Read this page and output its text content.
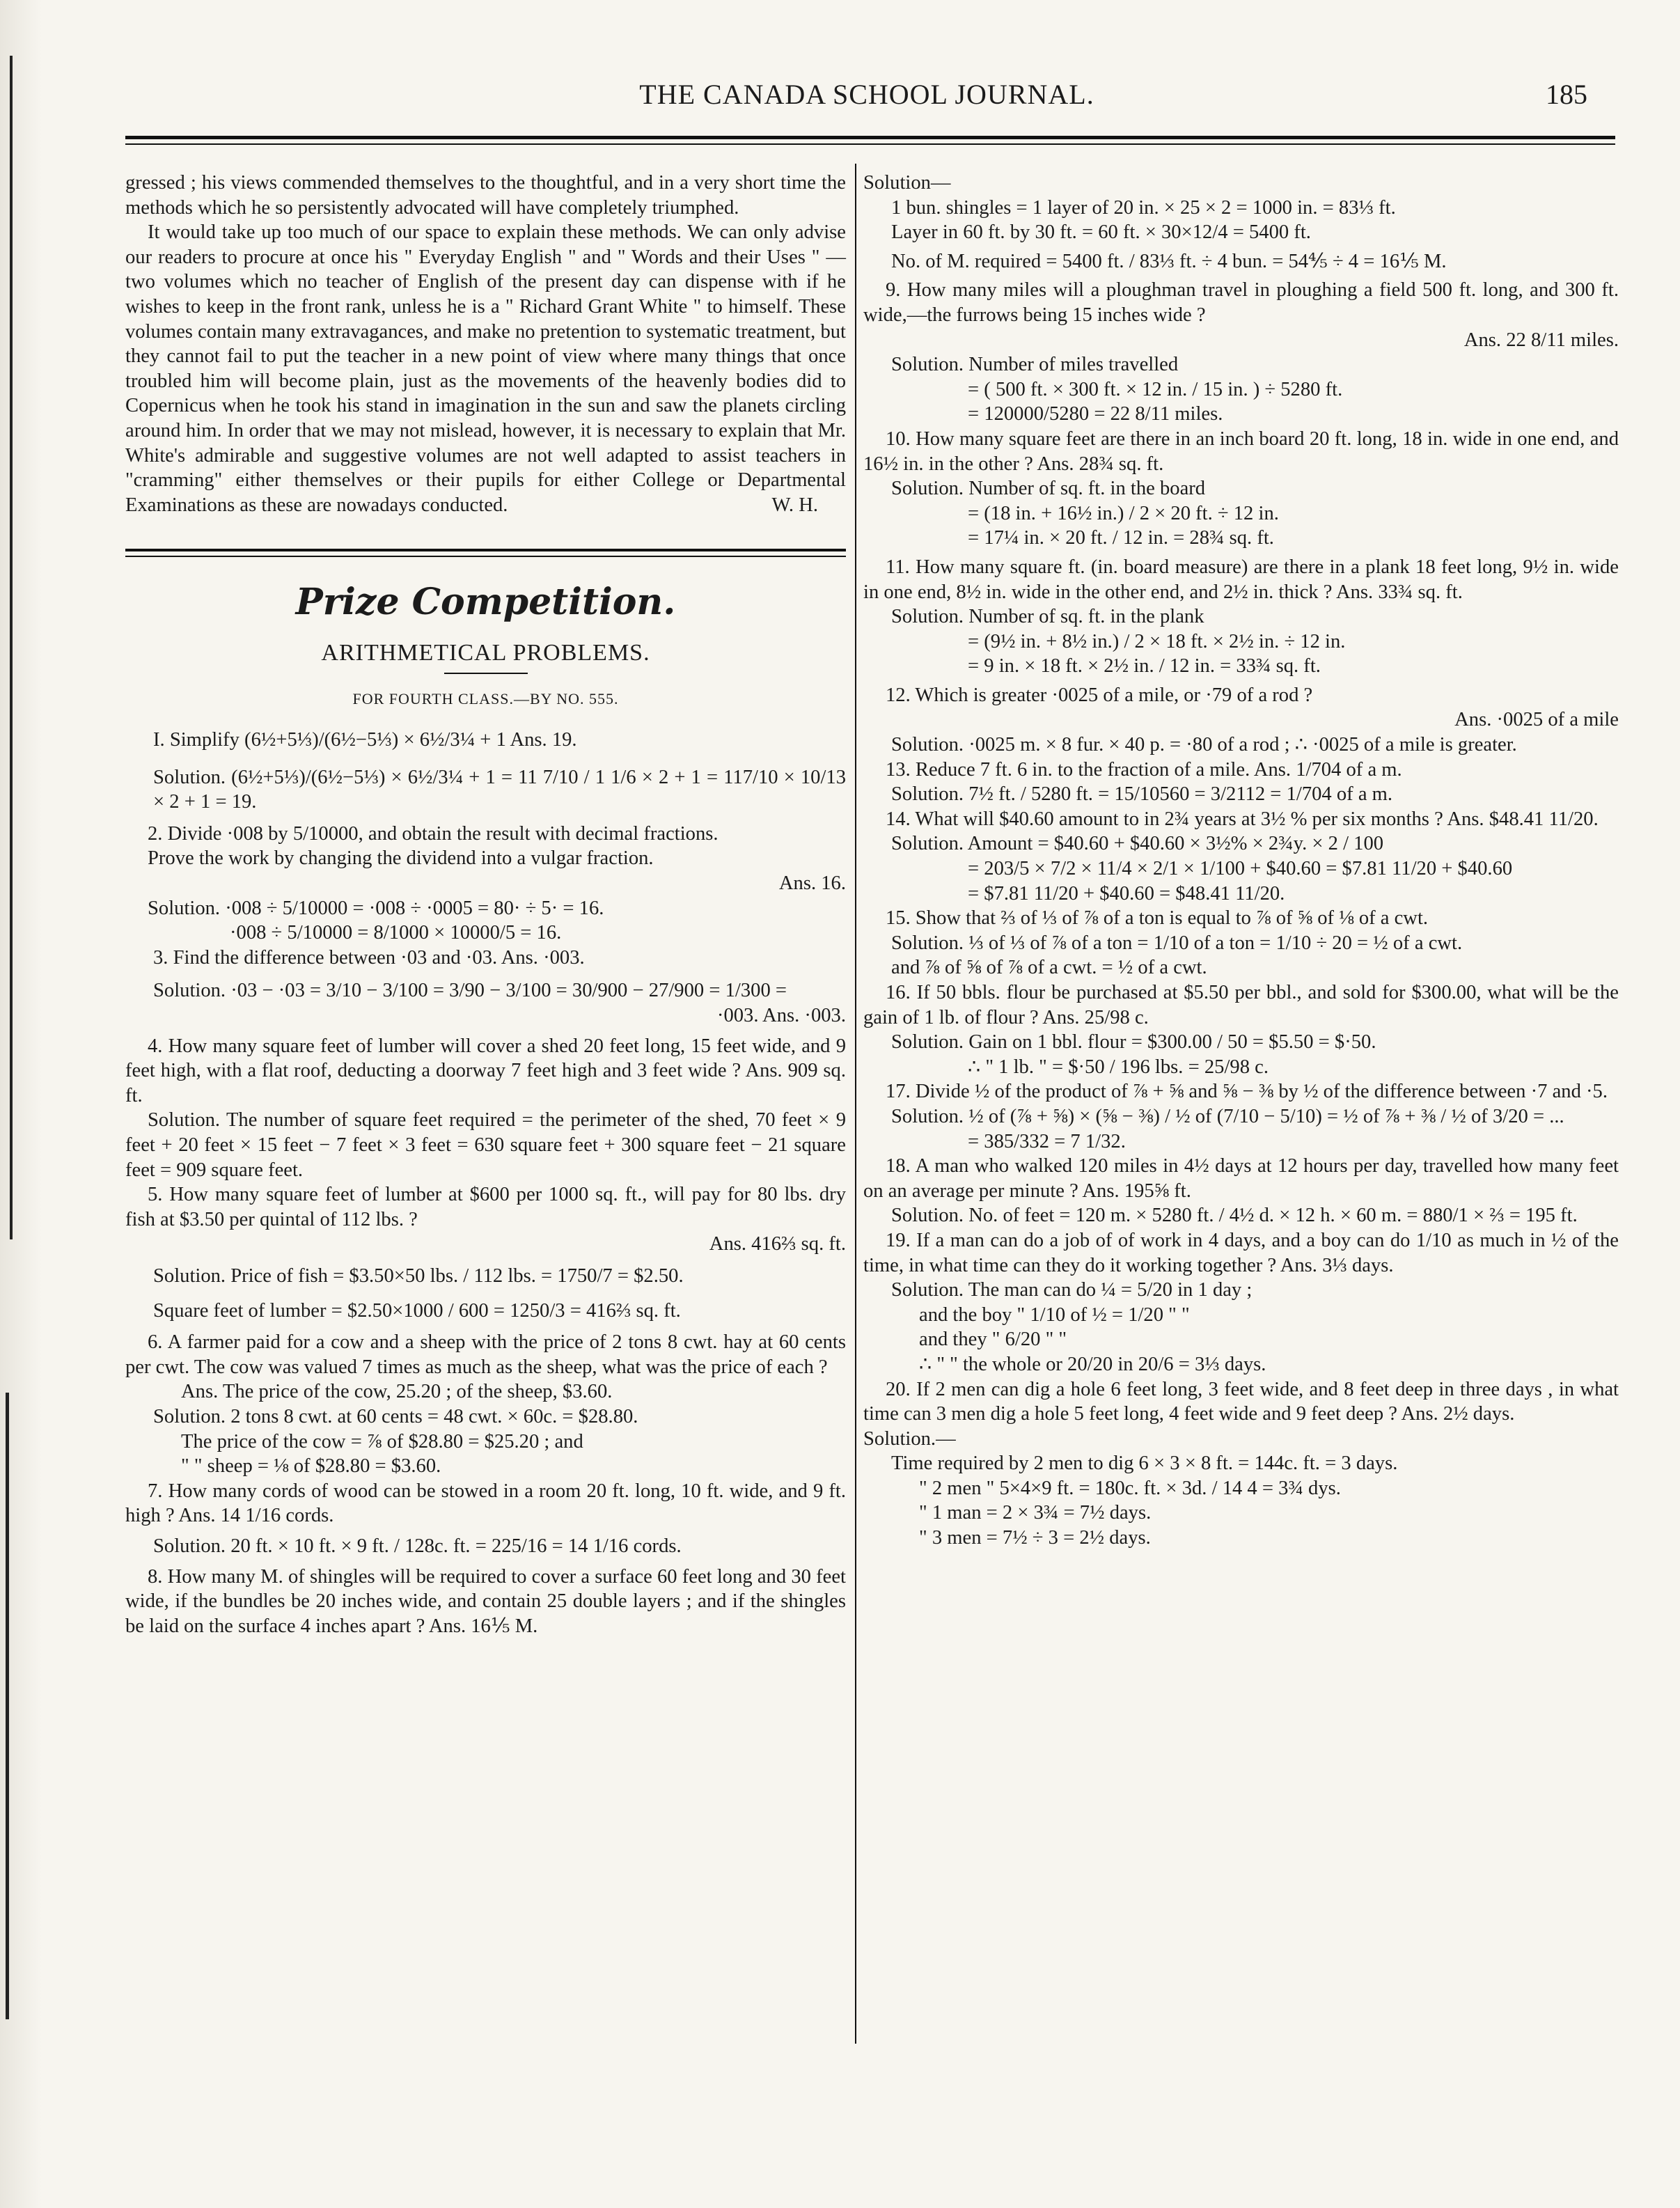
THE CANADA SCHOOL JOURNAL.	185

gressed ; his views commended themselves to the thoughtful, and in a very short time the methods which he so persistently advocated will have completely triumphed.

It would take up too much of our space to explain these methods. We can only advise our readers to procure at once his " Everyday English " and " Words and their Uses " —two volumes which no teacher of English of the present day can dispense with if he wishes to keep in the front rank, unless he is a " Richard Grant White " to himself. These volumes contain many extravagances, and make no pretention to systematic treatment, but they cannot fail to put the teacher in a new point of view where many things that once troubled him will become plain, just as the movements of the heavenly bodies did to Copernicus when he took his stand in imagination in the sun and saw the planets circling around him. In order that we may not mislead, however, it is necessary to explain that Mr. White's admirable and suggestive volumes are not well adapted to assist teachers in "cramming" either themselves or their pupils for either College or Departmental Examinations as these are nowadays conducted.	W. H.
Prize Competition.
ARITHMETICAL PROBLEMS.
FOR FOURTH CLASS.—BY NO. 555.

I. Simplify (6½+5⅓)/(6½−5⅓) × 6½/3¼ + 1 Ans. 19.

Solution. (6½+5⅓)/(6½−5⅓) × 6½/3¼ + 1 = 11 7/10 / 1 1/6 × 2 + 1 = 117/10 × 10/13 × 2 + 1 = 19.

2. Divide ·008 by 5/10000, and obtain the result with decimal fractions.

Prove the work by changing the dividend into a vulgar fraction.

Ans. 16.

Solution. ·008 ÷ 5/10000 = ·008 ÷ ·0005 = 80· ÷ 5· = 16.

·008 ÷ 5/10000 = 8/1000 × 10000/5 = 16.

3. Find the difference between ·03 and ·03. Ans. ·003.

Solution. ·03 − ·03 = 3/10 − 3/100 = 3/90 − 3/100 = 30/900 − 27/900 = 1/300 =

·003. Ans. ·003.

4. How many square feet of lumber will cover a shed 20 feet long, 15 feet wide, and 9 feet high, with a flat roof, deducting a doorway 7 feet high and 3 feet wide ? Ans. 909 sq. ft.

Solution. The number of square feet required = the perimeter of the shed, 70 feet × 9 feet + 20 feet × 15 feet − 7 feet × 3 feet = 630 square feet + 300 square feet − 21 square feet = 909 square feet.

5. How many square feet of lumber at $600 per 1000 sq. ft., will pay for 80 lbs. dry fish at $3.50 per quintal of 112 lbs. ?

Ans. 416⅔ sq. ft.

Solution. Price of fish = $3.50×50 lbs. / 112 lbs. = 1750/7 = $2.50.

Square feet of lumber = $2.50×1000 / 600 = 1250/3 = 416⅔ sq. ft.

6. A farmer paid for a cow and a sheep with the price of 2 tons 8 cwt. hay at 60 cents per cwt. The cow was valued 7 times as much as the sheep, what was the price of each ?

Ans. The price of the cow, 25.20 ; of the sheep, $3.60.

Solution. 2 tons 8 cwt. at 60 cents = 48 cwt. × 60c. = $28.80.

The price of the cow = ⅞ of $28.80 = $25.20 ; and

" " sheep = ⅛ of $28.80 = $3.60.

7. How many cords of wood can be stowed in a room 20 ft. long, 10 ft. wide, and 9 ft. high ? Ans. 14 1/16 cords.

Solution. 20 ft. × 10 ft. × 9 ft. / 128c. ft. = 225/16 = 14 1/16 cords.

8. How many M. of shingles will be required to cover a surface 60 feet long and 30 feet wide, if the bundles be 20 inches wide, and contain 25 double layers ; and if the shingles be laid on the surface 4 inches apart ? Ans. 16⅕ M.

Solution—

1 bun. shingles = 1 layer of 20 in. × 25 × 2 = 1000 in. = 83⅓ ft.

Layer in 60 ft. by 30 ft. = 60 ft. × 30×12/4 = 5400 ft.

No. of M. required = 5400 ft. / 83⅓ ft. ÷ 4 bun. = 54⅘ ÷ 4 = 16⅕ M.

9. How many miles will a ploughman travel in ploughing a field 500 ft. long, and 300 ft. wide,—the furrows being 15 inches wide ?

Ans. 22 8/11 miles.

Solution. Number of miles travelled

= ( 500 ft. × 300 ft. × 12 in. / 15 in. ) ÷ 5280 ft.

= 120000/5280 = 22 8/11 miles.

10. How many square feet are there in an inch board 20 ft. long, 18 in. wide in one end, and 16½ in. in the other ? Ans. 28¾ sq. ft.

Solution. Number of sq. ft. in the board

= (18 in. + 16½ in.) / 2 × 20 ft. ÷ 12 in.

= 17¼ in. × 20 ft. / 12 in. = 28¾ sq. ft.

11. How many square ft. (in. board measure) are there in a plank 18 feet long, 9½ in. wide in one end, 8½ in. wide in the other end, and 2½ in. thick ? Ans. 33¾ sq. ft.

Solution. Number of sq. ft. in the plank

= (9½ in. + 8½ in.) / 2 × 18 ft. × 2½ in. ÷ 12 in.

= 9 in. × 18 ft. × 2½ in. / 12 in. = 33¾ sq. ft.

12. Which is greater ·0025 of a mile, or ·79 of a rod ?

Ans. ·0025 of a mile

Solution. ·0025 m. × 8 fur. × 40 p. = ·80 of a rod ; ∴ ·0025 of a mile is greater.

13. Reduce 7 ft. 6 in. to the fraction of a mile. Ans. 1/704 of a m.

Solution. 7½ ft. / 5280 ft. = 15/10560 = 3/2112 = 1/704 of a m.

14. What will $40.60 amount to in 2¾ years at 3½ % per six months ? Ans. $48.41 11/20.

Solution. Amount = $40.60 + $40.60 × 3½% × 2¾y. × 2 / 100

= 203/5 × 7/2 × 11/4 × 2/1 × 1/100 + $40.60 = $7.81 11/20 + $40.60

= $7.81 11/20 + $40.60 = $48.41 11/20.

15. Show that ⅔ of ⅓ of ⅞ of a ton is equal to ⅞ of ⅝ of ⅛ of a cwt.

Solution. ⅓ of ⅓ of ⅞ of a ton = 1/10 of a ton = 1/10 ÷ 20 = ½ of a cwt.

and ⅞ of ⅝ of ⅞ of a cwt. = ½ of a cwt.

16. If 50 bbls. flour be purchased at $5.50 per bbl., and sold for $300.00, what will be the gain of 1 lb. of flour ? Ans. 25/98 c.

Solution. Gain on 1 bbl. flour = $300.00 / 50 = $5.50 = $·50.

∴ " 1 lb. " = $·50 / 196 lbs. = 25/98 c.

17. Divide ½ of the product of ⅞ + ⅝ and ⅝ − ⅜ by ½ of the difference between ·7 and ·5.

Solution. ½ of (⅞ + ⅝) × (⅝ − ⅜) / ½ of (7/10 − 5/10) = ½ of ⅞ + ⅜ / ½ of 3/20 = ...

= 385/332 = 7 1/32.

18. A man who walked 120 miles in 4½ days at 12 hours per day, travelled how many feet on an average per minute ? Ans. 195⅝ ft.

Solution. No. of feet = 120 m. × 5280 ft. / 4½ d. × 12 h. × 60 m. = 880/1 × ⅔ = 195 ft.

19. If a man can do a job of of work in 4 days, and a boy can do 1/10 as much in ½ of the time, in what time can they do it working together ? Ans. 3⅓ days.

Solution. The man can do ¼ = 5/20 in 1 day ;

and the boy " 1/10 of ½ = 1/20 " "

and they " 6/20 " "

∴ " " the whole or 20/20 in 20/6 = 3⅓ days.

20. If 2 men can dig a hole 6 feet long, 3 feet wide, and 8 feet deep in three days , in what time can 3 men dig a hole 5 feet long, 4 feet wide and 9 feet deep ? Ans. 2½ days.

Solution.—

Time required by 2 men to dig 6 × 3 × 8 ft. = 144c. ft. = 3 days.

" 2 men " 5×4×9 ft. = 180c. ft. × 3d. / 14 4 = 3¾ dys.

" 1 man = 2 × 3¾ = 7½ days.

" 3 men = 7½ ÷ 3 = 2½ days.
